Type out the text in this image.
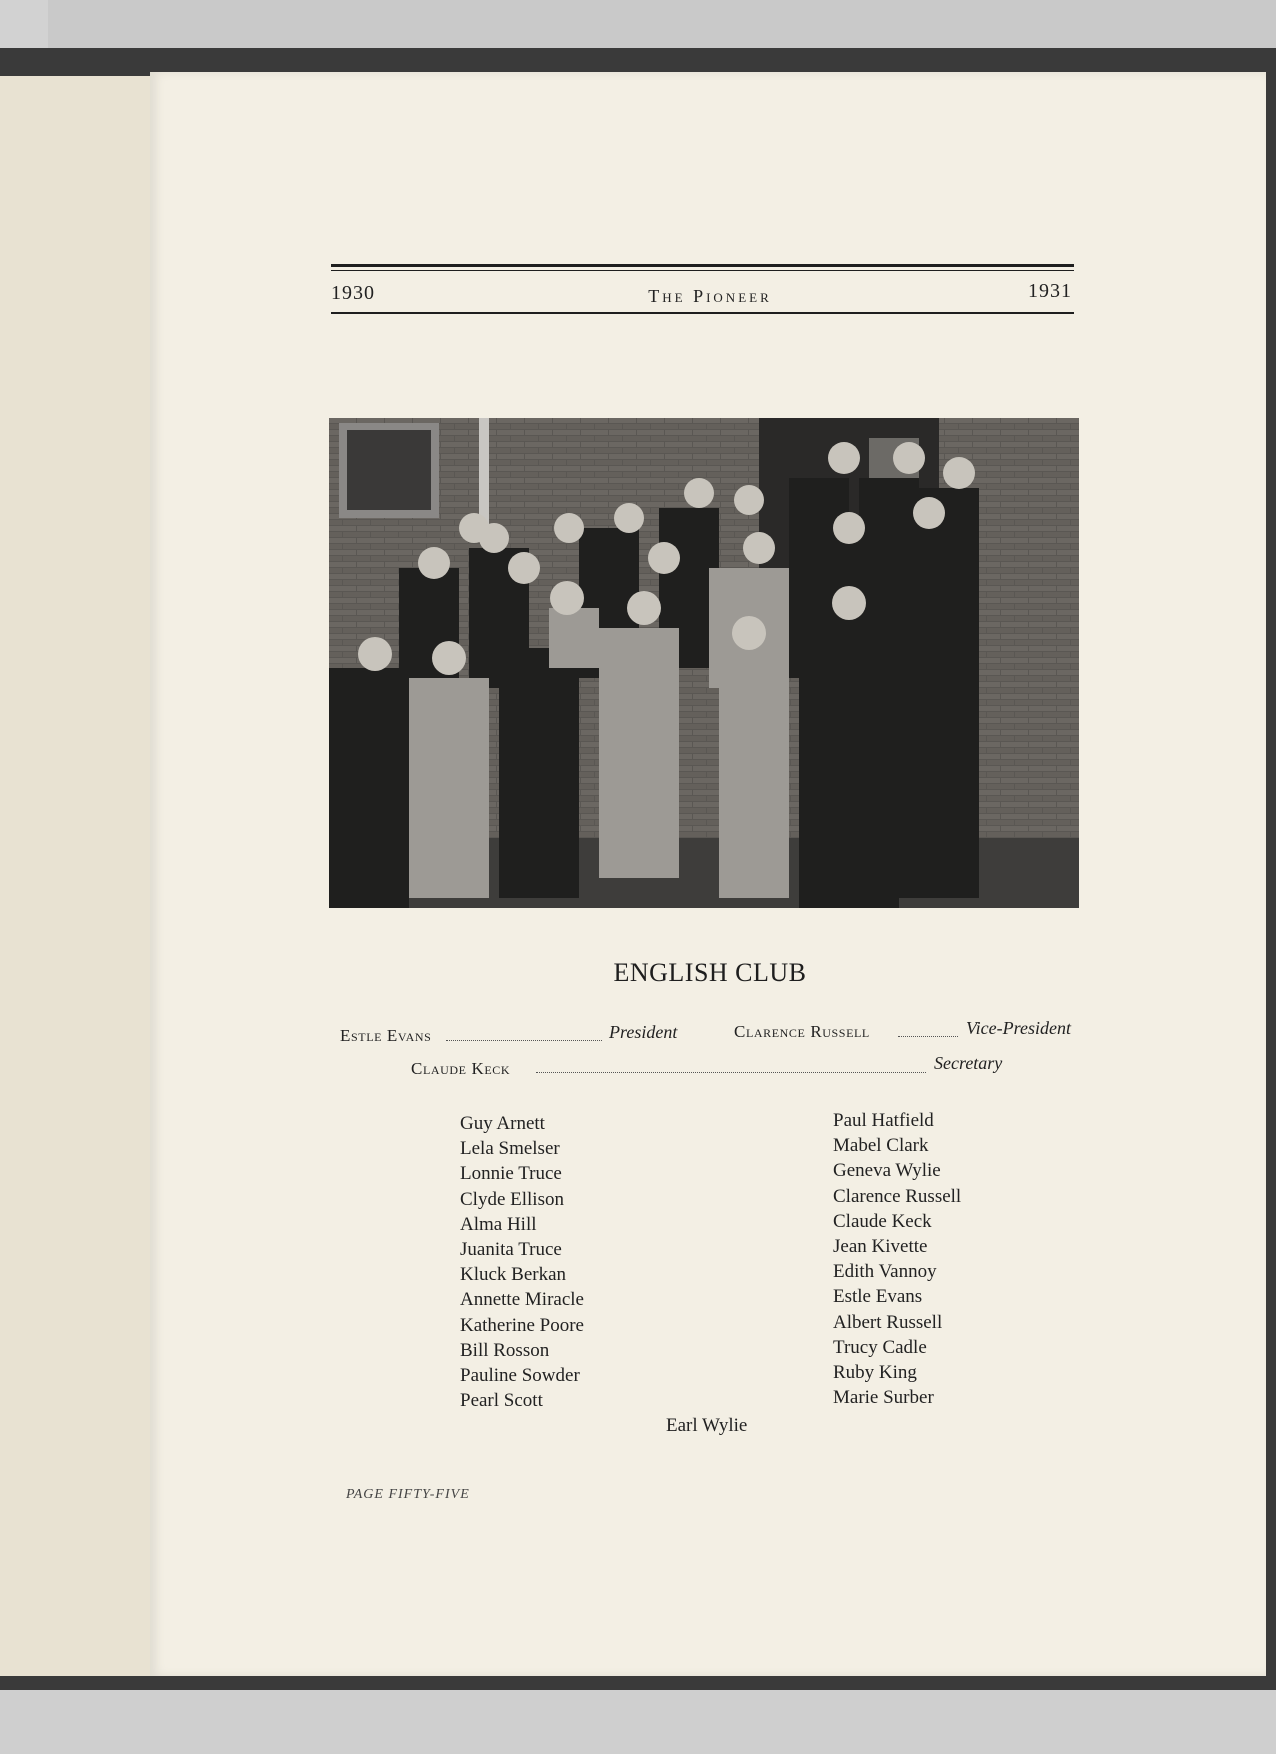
1930	The Pioneer	1931
ENGLISH CLUB
Estle Evans	President	Clarence Russell	Vice-President
Claude Keck	Secretary
Guy Arnett
Lela Smelser
Lonnie Truce
Clyde Ellison
Alma Hill
Juanita Truce
Kluck Berkan
Annette Miracle
Katherine Poore
Bill Rosson
Pauline Sowder
Pearl Scott
Paul Hatfield
Mabel Clark
Geneva Wylie
Clarence Russell
Claude Keck
Jean Kivette
Edith Vannoy
Estle Evans
Albert Russell
Trucy Cadle
Ruby King
Marie Surber
Earl Wylie
PAGE FIFTY-FIVE
